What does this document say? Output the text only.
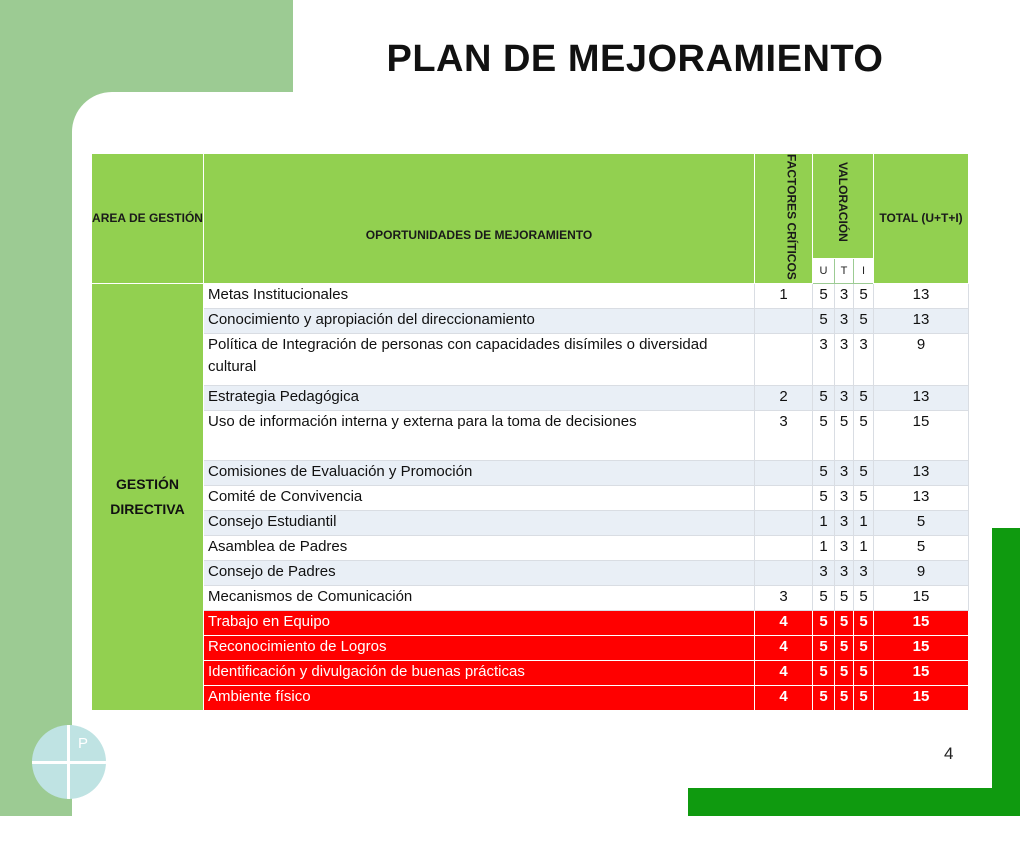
PLAN DE MEJORAMIENTO
AREA DE GESTIÓN	OPORTUNIDADES DE MEJORAMIENTO	FACTORES CRÍTICOS	VALORACIÓN			TOTAL (U+T+I)
			U	T	I	
GESTIÓN DIRECTIVA	Metas Institucionales	1	5	3	5	13
	Conocimiento y apropiación del direccionamiento		5	3	5	13
	Política de Integración de personas con capacidades disímiles o diversidad cultural		3	3	3	9
	Estrategia Pedagógica	2	5	3	5	13
	Uso de información interna y externa para la toma de decisiones	3	5	5	5	15
	Comisiones de Evaluación y Promoción		5	3	5	13
	Comité de Convivencia		5	3	5	13
	Consejo Estudiantil		1	3	1	5
	Asamblea de Padres		1	3	1	5
	Consejo de Padres		3	3	3	9
	Mecanismos de Comunicación	3	5	5	5	15
	Trabajo en Equipo	4	5	5	5	15
	Reconocimiento de Logros	4	5	5	5	15
	Identificación y divulgación de buenas prácticas	4	5	5	5	15
	Ambiente físico	4	5	5	5	15
P
4
